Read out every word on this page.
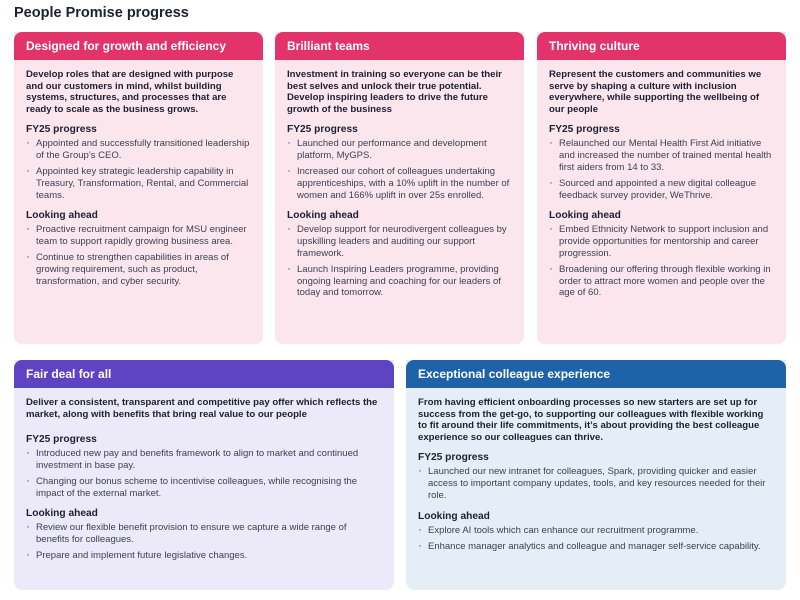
People Promise progress
Designed for growth and efficiency
Develop roles that are designed with purpose and our customers in mind, whilst building systems, structures, and processes that are ready to scale as the business grows.
FY25 progress
· Appointed and successfully transitioned leadership of the Group’s CEO.
· Appointed key strategic leadership capability in Treasury, Transformation, Rental, and Commercial teams.
Looking ahead
· Proactive recruitment campaign for MSU engineer team to support rapidly growing business area.
· Continue to strengthen capabilities in areas of growing requirement, such as product, transformation, and cyber security.
Brilliant teams
Investment in training so everyone can be their best selves and unlock their true potential. Develop inspiring leaders to drive the future growth of the business
FY25 progress
· Launched our performance and development platform, MyGPS.
· Increased our cohort of colleagues undertaking apprenticeships, with a 10% uplift in the number of women and 166% uplift in over 25s enrolled.
Looking ahead
· Develop support for neurodivergent colleagues by upskilling leaders and auditing our support framework.
· Launch Inspiring Leaders programme, providing ongoing learning and coaching for our leaders of today and tomorrow.
Thriving culture
Represent the customers and communities we serve by shaping a culture with inclusion everywhere, while supporting the wellbeing of our people
FY25 progress
· Relaunched our Mental Health First Aid initiative and increased the number of trained mental health first aiders from 14 to 33.
· Sourced and appointed a new digital colleague feedback survey provider, WeThrive.
Looking ahead
· Embed Ethnicity Network to support inclusion and provide opportunities for mentorship and career progression.
· Broadening our offering through flexible working in order to attract more women and people over the age of 60.
Fair deal for all
Deliver a consistent, transparent and competitive pay offer which reflects the market, along with benefits that bring real value to our people
FY25 progress
· Introduced new pay and benefits framework to align to market and continued investment in base pay.
· Changing our bonus scheme to incentivise colleagues, while recognising the impact of the external market.
Looking ahead
· Review our flexible benefit provision to ensure we capture a wide range of benefits for colleagues.
· Prepare and implement future legislative changes.
Exceptional colleague experience
From having efficient onboarding processes so new starters are set up for success from the get-go, to supporting our colleagues with flexible working to fit around their life commitments, it’s about providing the best colleague experience so our colleagues can thrive.
FY25 progress
· Launched our new intranet for colleagues, Spark, providing quicker and easier access to important company updates, tools, and key resources needed for their role.
Looking ahead
· Explore AI tools which can enhance our recruitment programme.
· Enhance manager analytics and colleague and manager self-service capability.
